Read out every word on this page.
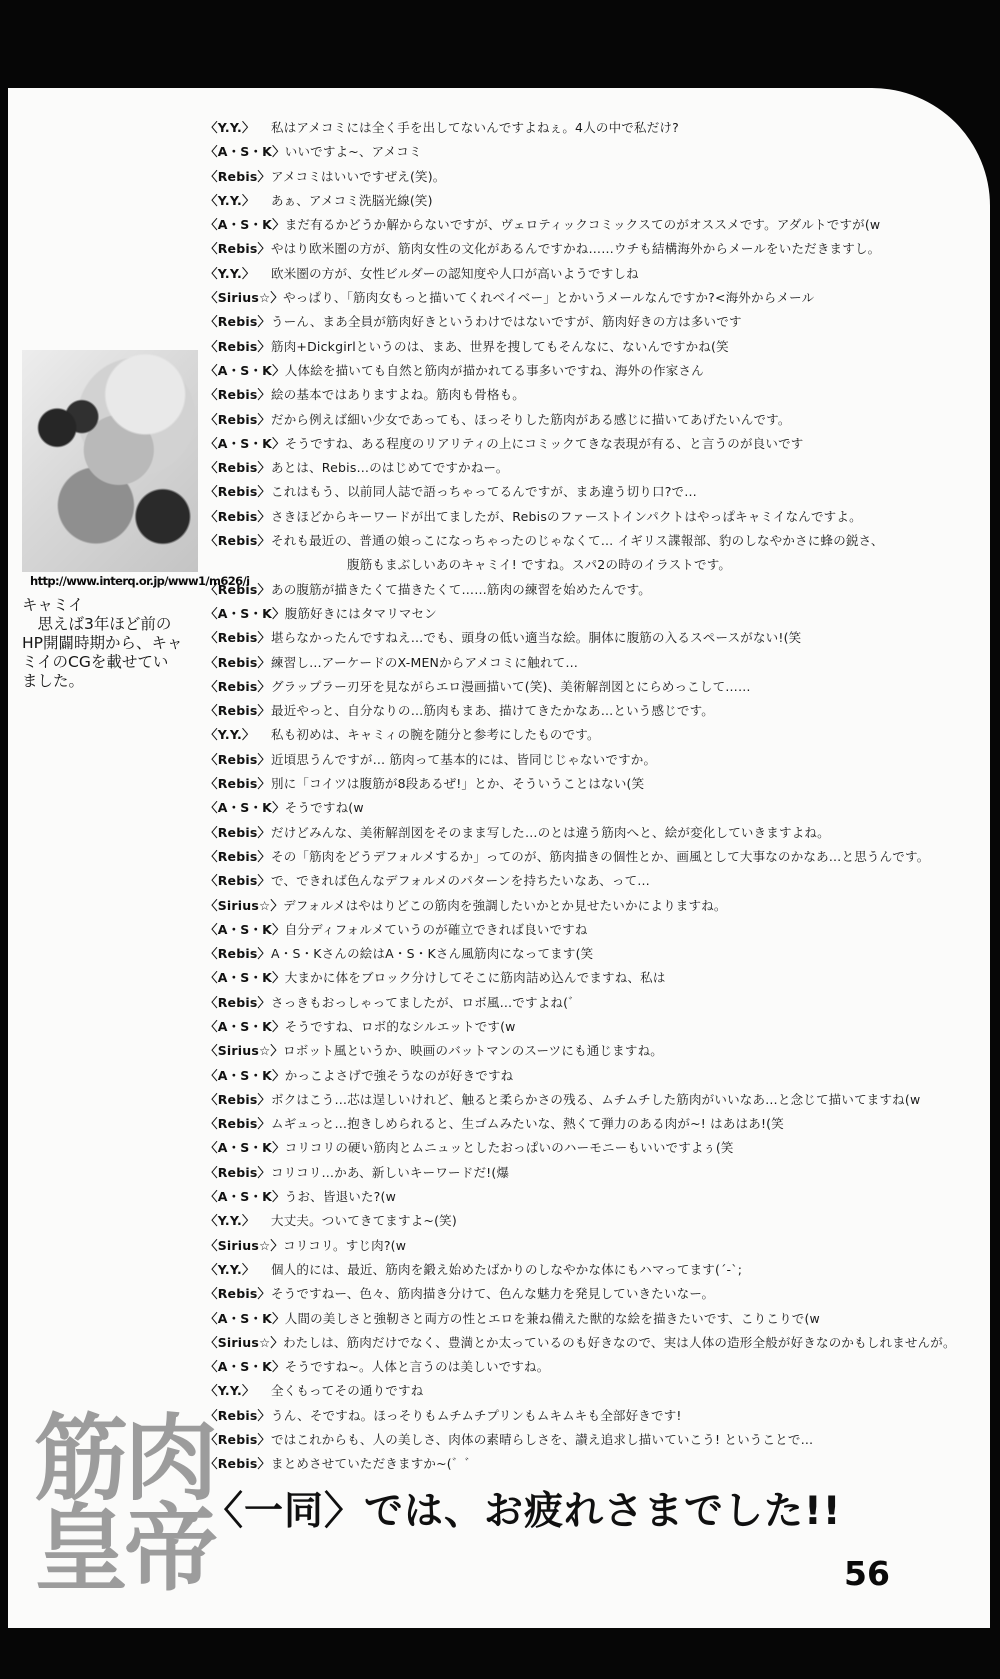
〈Y.Y.〉 私はアメコミには全く手を出してないんですよねぇ。4人の中で私だけ?
〈A・S・K〉いいですよ~、アメコミ
〈Rebis〉アメコミはいいですぜえ(笑)。
〈Y.Y.〉 あぁ、アメコミ洗脳光線(笑)
〈A・S・K〉まだ有るかどうか解からないですが、ヴェロティックコミックスてのがオススメです。アダルトですが(w
〈Rebis〉やはり欧米圏の方が、筋肉女性の文化があるんですかね……ウチも結構海外からメールをいただきますし。
〈Y.Y.〉 欧米圏の方が、女性ビルダーの認知度や人口が高いようですしね
〈Sirius☆〉やっぱり、「筋肉女もっと描いてくれベイベー」とかいうメールなんですか?<海外からメール
〈Rebis〉うーん、まあ全員が筋肉好きというわけではないですが、筋肉好きの方は多いです
〈Rebis〉筋肉+Dickgirlというのは、まあ、世界を捜してもそんなに、ないんですかね(笑
〈A・S・K〉人体絵を描いても自然と筋肉が描かれてる事多いですね、海外の作家さん
〈Rebis〉絵の基本ではありますよね。筋肉も骨格も。
〈Rebis〉だから例えば細い少女であっても、ほっそりした筋肉がある感じに描いてあげたいんです。
〈A・S・K〉そうですね、ある程度のリアリティの上にコミックてきな表現が有る、と言うのが良いです
〈Rebis〉あとは、Rebis…のはじめてですかねー。
〈Rebis〉これはもう、以前同人誌で語っちゃってるんですが、まあ違う切り口?で…
〈Rebis〉さきほどからキーワードが出てましたが、Rebisのファーストインパクトはやっぱキャミイなんですよ。
〈Rebis〉それも最近の、普通の娘っこになっちゃったのじゃなくて… イギリス諜報部、豹のしなやかさに蜂の鋭さ、
腹筋もまぶしいあのキャミイ! ですね。スパ2の時のイラストです。
〈Rebis〉あの腹筋が描きたくて描きたくて……筋肉の練習を始めたんです。
〈A・S・K〉腹筋好きにはタマリマセン
〈Rebis〉堪らなかったんですねえ…でも、頭身の低い適当な絵。胴体に腹筋の入るスペースがない!(笑
〈Rebis〉練習し…アーケードのX-MENからアメコミに触れて…
〈Rebis〉グラップラー刃牙を見ながらエロ漫画描いて(笑)、美術解剖図とにらめっこして……
〈Rebis〉最近やっと、自分なりの…筋肉もまあ、描けてきたかなあ…という感じです。
〈Y.Y.〉 私も初めは、キャミィの腕を随分と参考にしたものです。
〈Rebis〉近頃思うんですが… 筋肉って基本的には、皆同じじゃないですか。
〈Rebis〉別に「コイツは腹筋が8段あるぜ!」とか、そういうことはない(笑
〈A・S・K〉そうですね(w
〈Rebis〉だけどみんな、美術解剖図をそのまま写した…のとは違う筋肉へと、絵が変化していきますよね。
〈Rebis〉その「筋肉をどうデフォルメするか」ってのが、筋肉描きの個性とか、画風として大事なのかなあ…と思うんです。
〈Rebis〉で、できれば色んなデフォルメのパターンを持ちたいなあ、って…
〈Sirius☆〉デフォルメはやはりどこの筋肉を強調したいかとか見せたいかによりますね。
〈A・S・K〉自分ディフォルメていうのが確立できれば良いですね
〈Rebis〉A・S・Kさんの絵はA・S・Kさん風筋肉になってます(笑
〈A・S・K〉大まかに体をブロック分けしてそこに筋肉詰め込んでますね、私は
〈Rebis〉さっきもおっしゃってましたが、ロボ風…ですよね(゛
〈A・S・K〉そうですね、ロボ的なシルエットです(w
〈Sirius☆〉ロボット風というか、映画のバットマンのスーツにも通じますね。
〈A・S・K〉かっこよさげで強そうなのが好きですね
〈Rebis〉ボクはこう…芯は逞しいけれど、触ると柔らかさの残る、ムチムチした筋肉がいいなあ…と念じて描いてますね(w
〈Rebis〉ムギュっと…抱きしめられると、生ゴムみたいな、熱くて弾力のある肉が~! はあはあ!(笑
〈A・S・K〉コリコリの硬い筋肉とムニュッとしたおっぱいのハーモニーもいいですよぅ(笑
〈Rebis〉コリコリ…かあ、新しいキーワードだ!(爆
〈A・S・K〉うお、皆退いた?(w
〈Y.Y.〉 大丈夫。ついてきてますよ~(笑)
〈Sirius☆〉コリコリ。すじ肉?(w
〈Y.Y.〉 個人的には、最近、筋肉を鍛え始めたばかりのしなやかな体にもハマってます(´-`;
〈Rebis〉そうですねー、色々、筋肉描き分けて、色んな魅力を発見していきたいなー。
〈A・S・K〉人間の美しさと強靭さと両方の性とエロを兼ね備えた獣的な絵を描きたいです、こりこりで(w
〈Sirius☆〉わたしは、筋肉だけでなく、豊満とか太っているのも好きなので、実は人体の造形全般が好きなのかもしれませんが。
〈A・S・K〉そうですね~。人体と言うのは美しいですね。
〈Y.Y.〉 全くもってその通りですね
〈Rebis〉うん、そですね。ほっそりもムチムチプリンもムキムキも全部好きです!
〈Rebis〉ではこれからも、人の美しさ、肉体の素晴らしさを、讃え追求し描いていこう! ということで…
〈Rebis〉まとめさせていただきますか~(゛゛
http://www.interq.or.jp/www1/m626/i
キャミイ
　思えば3年ほど前の
HP開闢時期から、キャ
ミイのCGを載せてい
ました。
筋肉
皇帝
〈一同〉では、お疲れさまでした!!
56
